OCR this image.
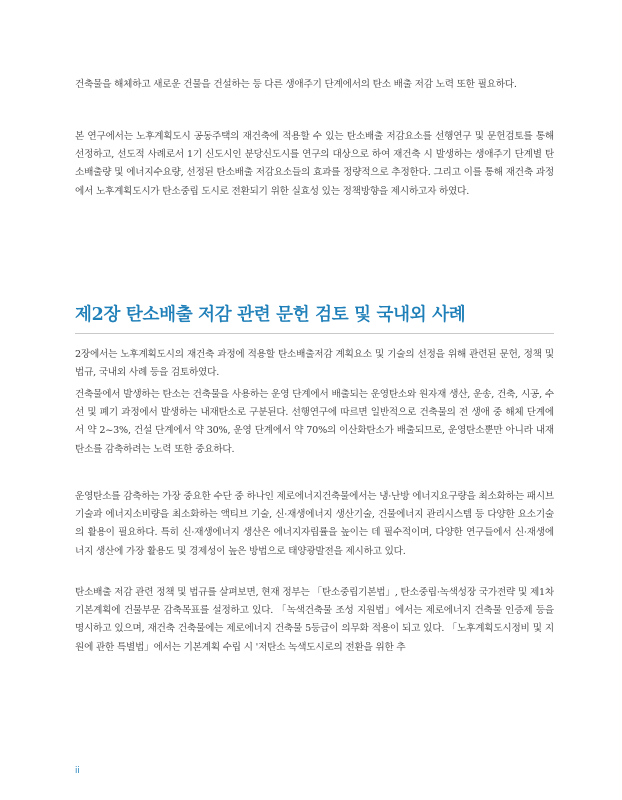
건축물을 해체하고 새로운 건물을 건설하는 등 다른 생애주기 단계에서의 탄소 배출 저감 노력 또한 필요하다.

본 연구에서는 노후계획도시 공동주택의 재건축에 적용할 수 있는 탄소배출 저감요소를 선행연구 및 문헌검토를 통해 선정하고, 선도적 사례로서 1기 신도시인 분당신도시를 연구의 대상으로 하여 재건축 시 발생하는 생애주기 단계별 탄소배출량 및 에너지수요량, 선정된 탄소배출 저감요소들의 효과를 정량적으로 추정한다. 그리고 이를 통해 재건축 과정에서 노후계획도시가 탄소중립 도시로 전환되기 위한 실효성 있는 정책방향을 제시하고자 하였다.

제2장 탄소배출 저감 관련 문헌 검토 및 국내외 사례

2장에서는 노후계획도시의 재건축 과정에 적용할 탄소배출저감 계획요소 및 기술의 선정을 위해 관련된 문헌, 정책 및 법규, 국내외 사례 등을 검토하였다.

건축물에서 발생하는 탄소는 건축물을 사용하는 운영 단계에서 배출되는 운영탄소와 원자재 생산, 운송, 건축, 시공, 수선 및 폐기 과정에서 발생하는 내재탄소로 구분된다. 선행연구에 따르면 일반적으로 건축물의 전 생애 중 해체 단계에서 약 2~3%, 건설 단계에서 약 30%, 운영 단계에서 약 70%의 이산화탄소가 배출되므로, 운영탄소뿐만 아니라 내재탄소를 감축하려는 노력 또한 중요하다.

운영탄소를 감축하는 가장 중요한 수단 중 하나인 제로에너지건축물에서는 냉·난방 에너지요구량을 최소화하는 패시브 기술과 에너지소비량을 최소화하는 액티브 기술, 신·재생에너지 생산기술, 건물에너지 관리시스템 등 다양한 요소기술의 활용이 필요하다. 특히 신·재생에너지 생산은 에너지자립률을 높이는 데 필수적이며, 다양한 연구들에서 신·재생에너지 생산에 가장 활용도 및 경제성이 높은 방법으로 태양광발전을 제시하고 있다.

탄소배출 저감 관련 정책 및 법규를 살펴보면, 현재 정부는 「탄소중립기본법」, 탄소중립·녹색성장 국가전략 및 제1차 기본계획에 건물부문 감축목표를 설정하고 있다. 「녹색건축물 조성 지원법」에서는 제로에너지 건축물 인증제 등을 명시하고 있으며, 재건축 건축물에는 제로에너지 건축물 5등급이 의무화 적용이 되고 있다. 「노후계획도시정비 및 지원에 관한 특별법」에서는 기본계획 수립 시 '저탄소 녹색도시로의 전환을 위한 추

ii
